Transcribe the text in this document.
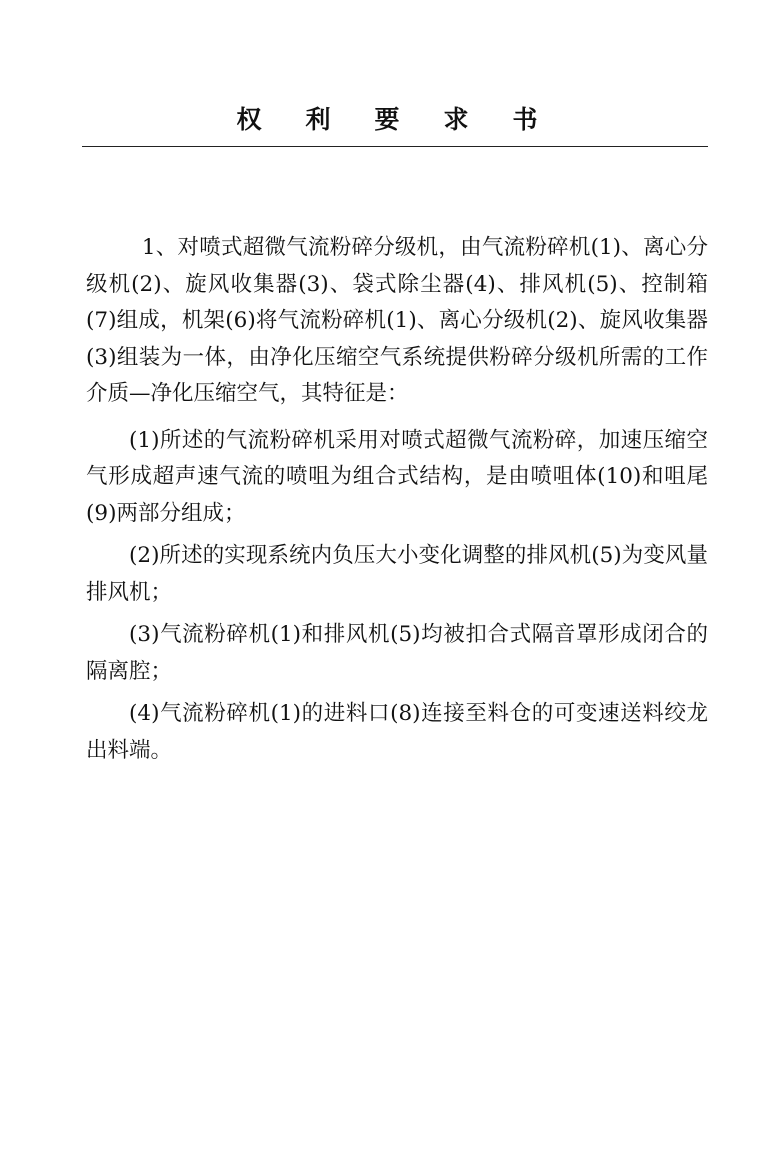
权 利 要 求 书

1、对喷式超微气流粉碎分级机，由气流粉碎机(1)、离心分级机(2)、旋风收集器(3)、袋式除尘器(4)、排风机(5)、控制箱(7)组成，机架(6)将气流粉碎机(1)、离心分级机(2)、旋风收集器(3)组装为一体，由净化压缩空气系统提供粉碎分级机所需的工作介质—净化压缩空气，其特征是：

(1)所述的气流粉碎机采用对喷式超微气流粉碎，加速压缩空气形成超声速气流的喷咀为组合式结构，是由喷咀体(10)和咀尾(9)两部分组成；

(2)所述的实现系统内负压大小变化调整的排风机(5)为变风量排风机；

(3)气流粉碎机(1)和排风机(5)均被扣合式隔音罩形成闭合的隔离腔；

(4)气流粉碎机(1)的进料口(8)连接至料仓的可变速送料绞龙出料端。
